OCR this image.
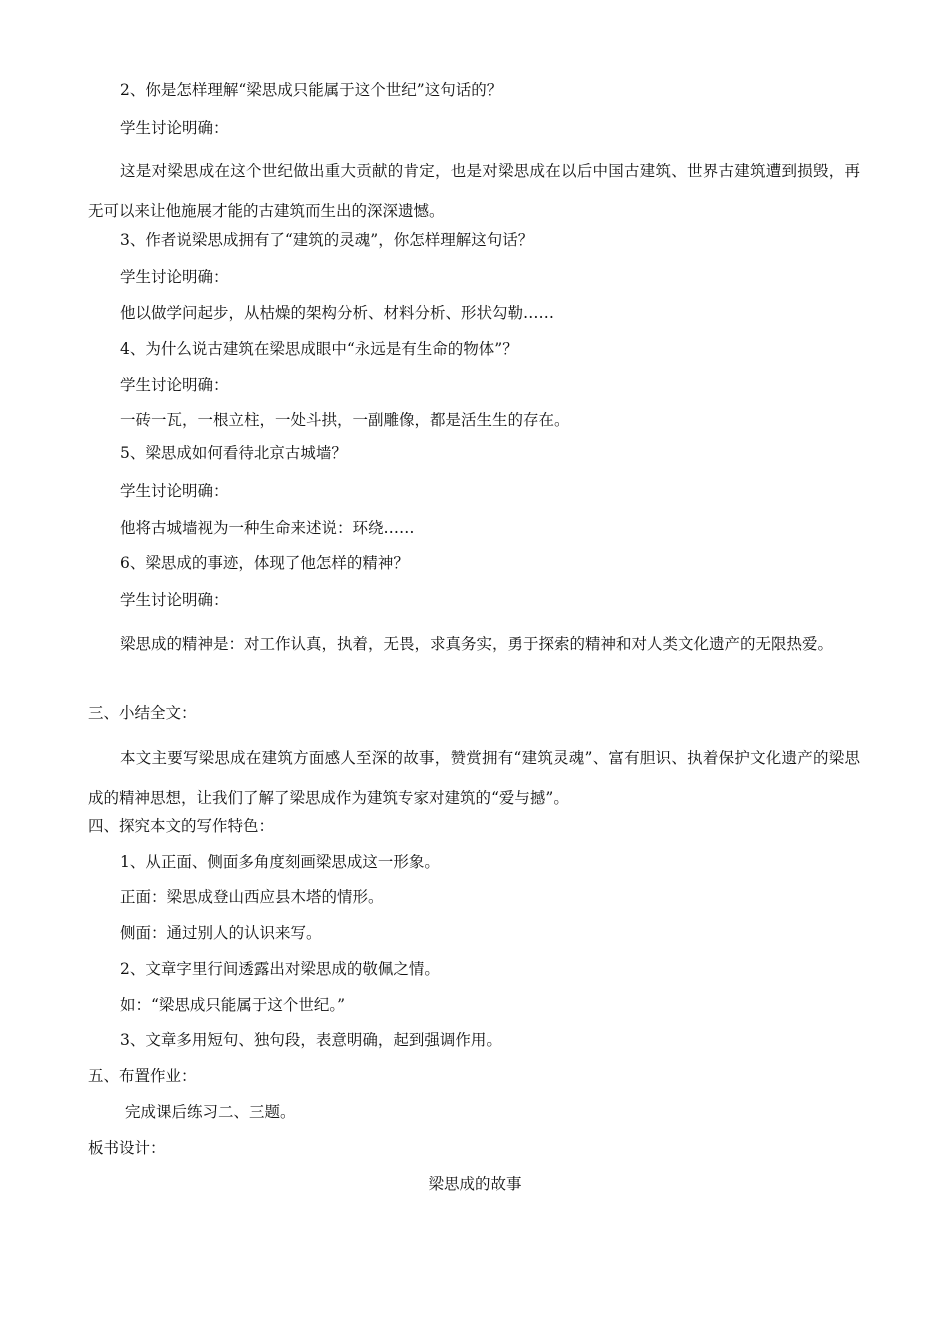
2、你是怎样理解“梁思成只能属于这个世纪”这句话的？
学生讨论明确：
这是对梁思成在这个世纪做出重大贡献的肯定，也是对梁思成在以后中国古建筑、世界古建筑遭到损毁，再无可以来让他施展才能的古建筑而生出的深深遗憾。
3、作者说梁思成拥有了“建筑的灵魂”，你怎样理解这句话？
学生讨论明确：
他以做学问起步，从枯燥的架构分析、材料分析、形状勾勒……
4、为什么说古建筑在梁思成眼中“永远是有生命的物体”？
学生讨论明确：
一砖一瓦，一根立柱，一处斗拱，一副雕像，都是活生生的存在。
5、梁思成如何看待北京古城墙？
学生讨论明确：
他将古城墙视为一种生命来述说：环绕……
6、梁思成的事迹，体现了他怎样的精神？
学生讨论明确：
梁思成的精神是：对工作认真，执着，无畏，求真务实，勇于探索的精神和对人类文化遗产的无限热爱。
三、小结全文：
本文主要写梁思成在建筑方面感人至深的故事，赞赏拥有“建筑灵魂”、富有胆识、执着保护文化遗产的梁思成的精神思想，让我们了解了梁思成作为建筑专家对建筑的“爱与撼”。
四、探究本文的写作特色：
1、从正面、侧面多角度刻画梁思成这一形象。
正面：梁思成登山西应县木塔的情形。
侧面：通过别人的认识来写。
2、文章字里行间透露出对梁思成的敬佩之情。
如：“梁思成只能属于这个世纪。”
3、文章多用短句、独句段，表意明确，起到强调作用。
五、布置作业：
完成课后练习二、三题。
板书设计：
梁思成的故事
